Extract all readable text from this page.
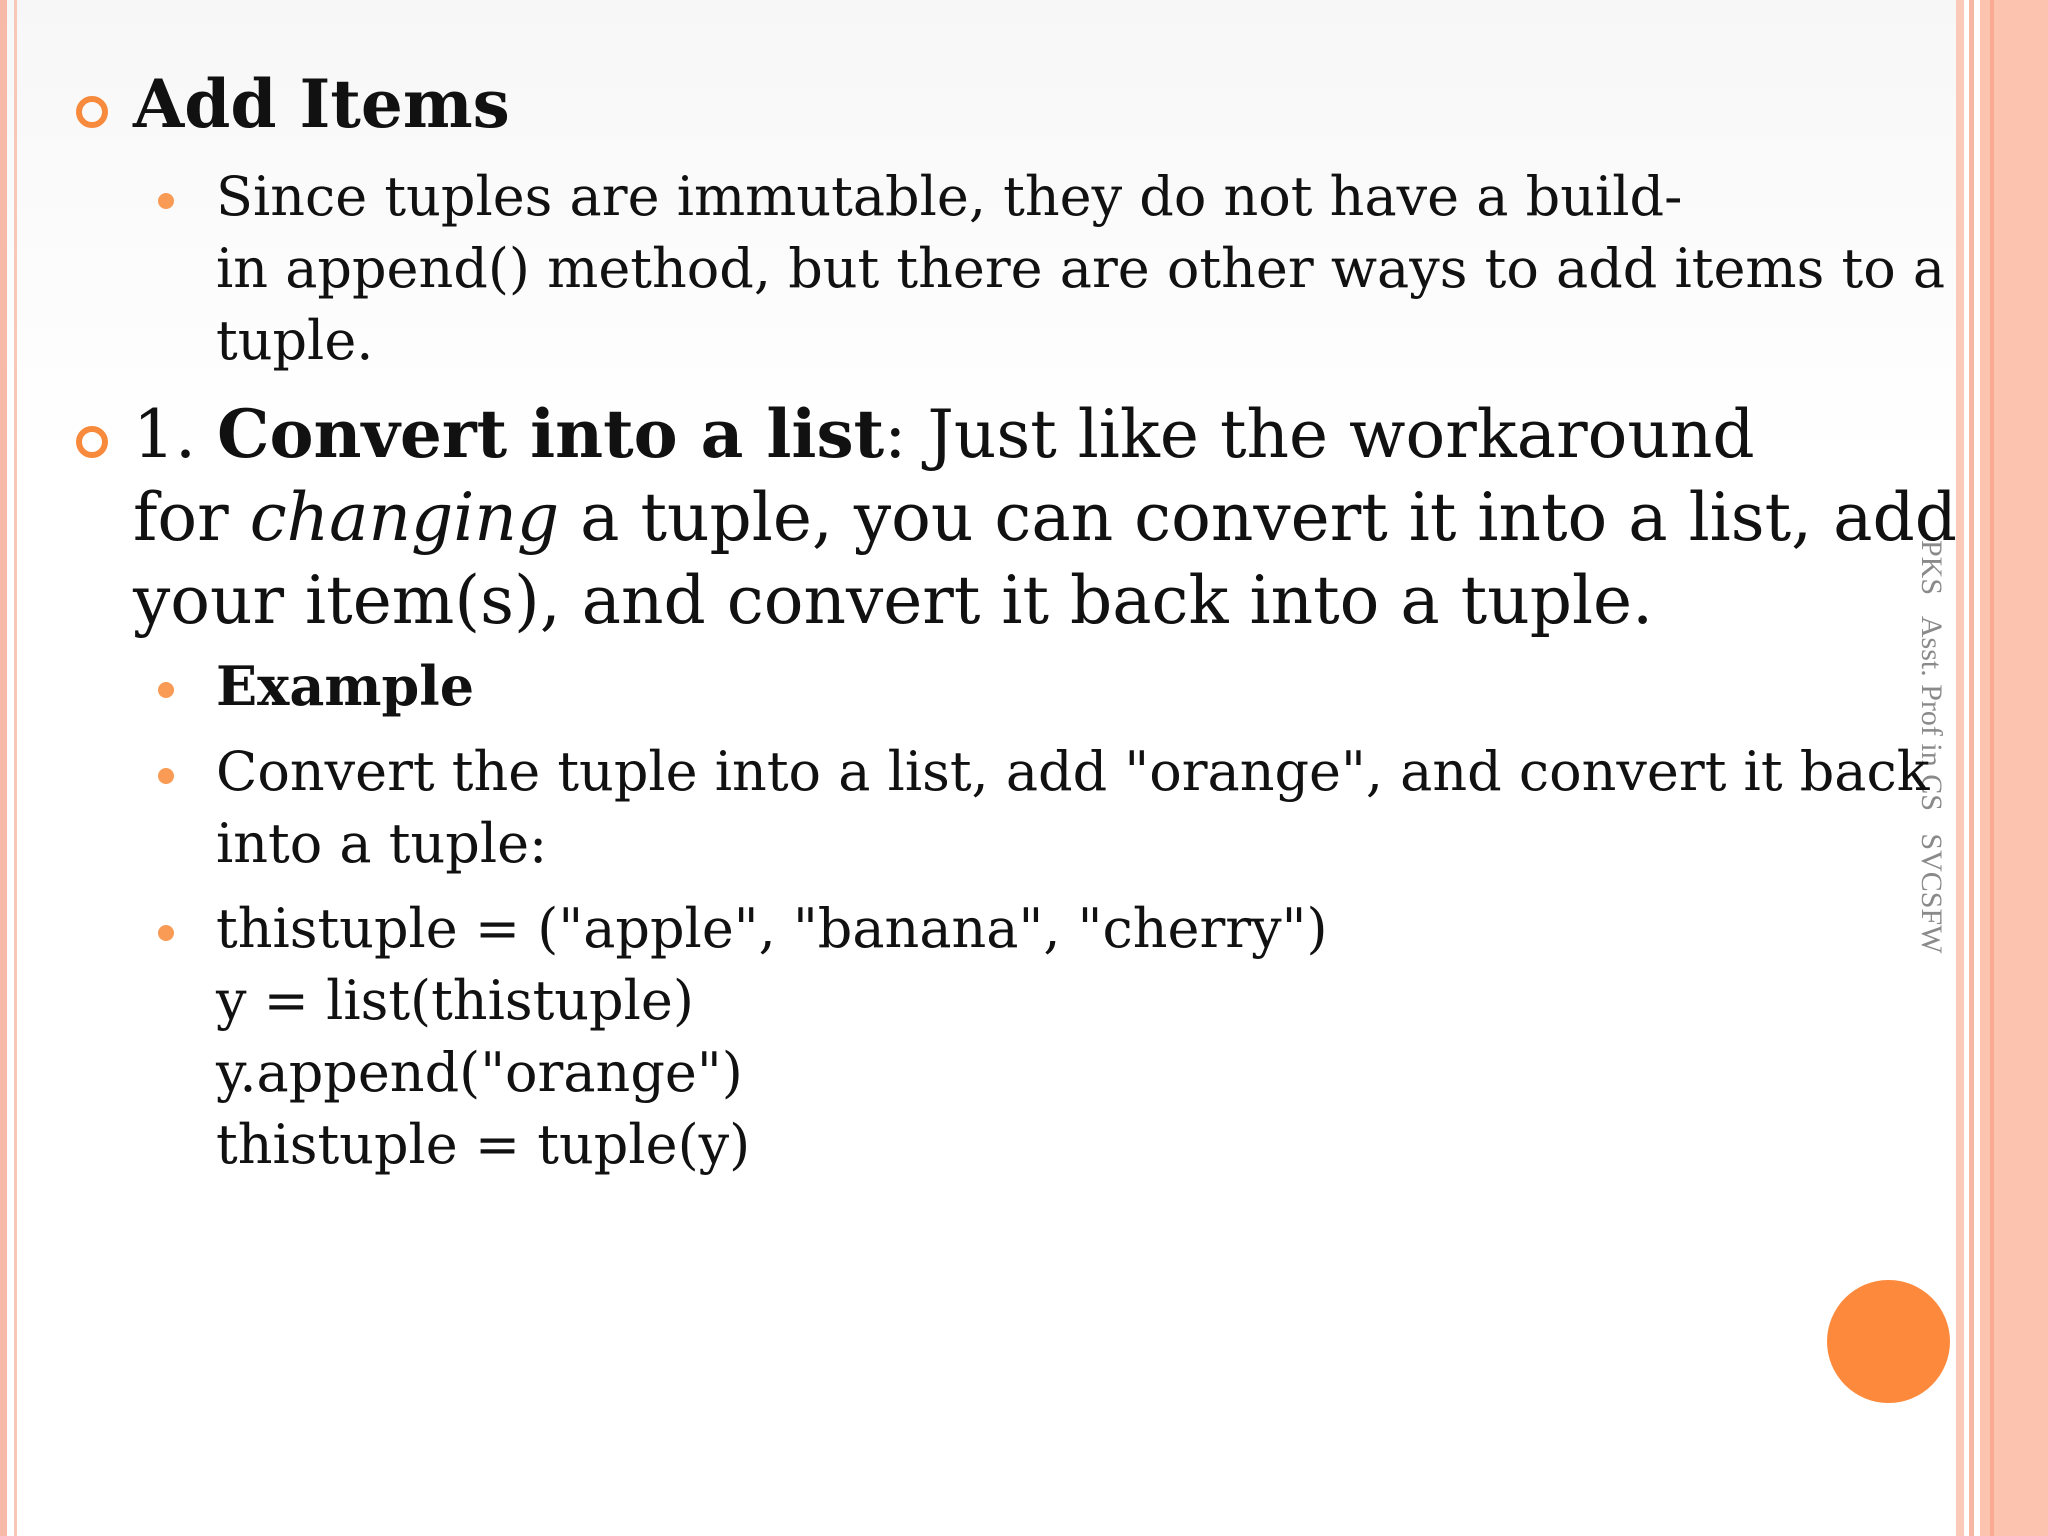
PKS   Asst. Prof in CS   SVCSFW
Add Items
Since tuples are immutable, they do not have a build-
in append() method, but there are other ways to add items to a
tuple.
1. Convert into a list: Just like the workaround
for changing a tuple, you can convert it into a list, add
your item(s), and convert it back into a tuple.
Example
Convert the tuple into a list, add "orange", and convert it back
into a tuple:
thistuple = ("apple", "banana", "cherry")
y = list(thistuple)
y.append("orange")
thistuple = tuple(y)
